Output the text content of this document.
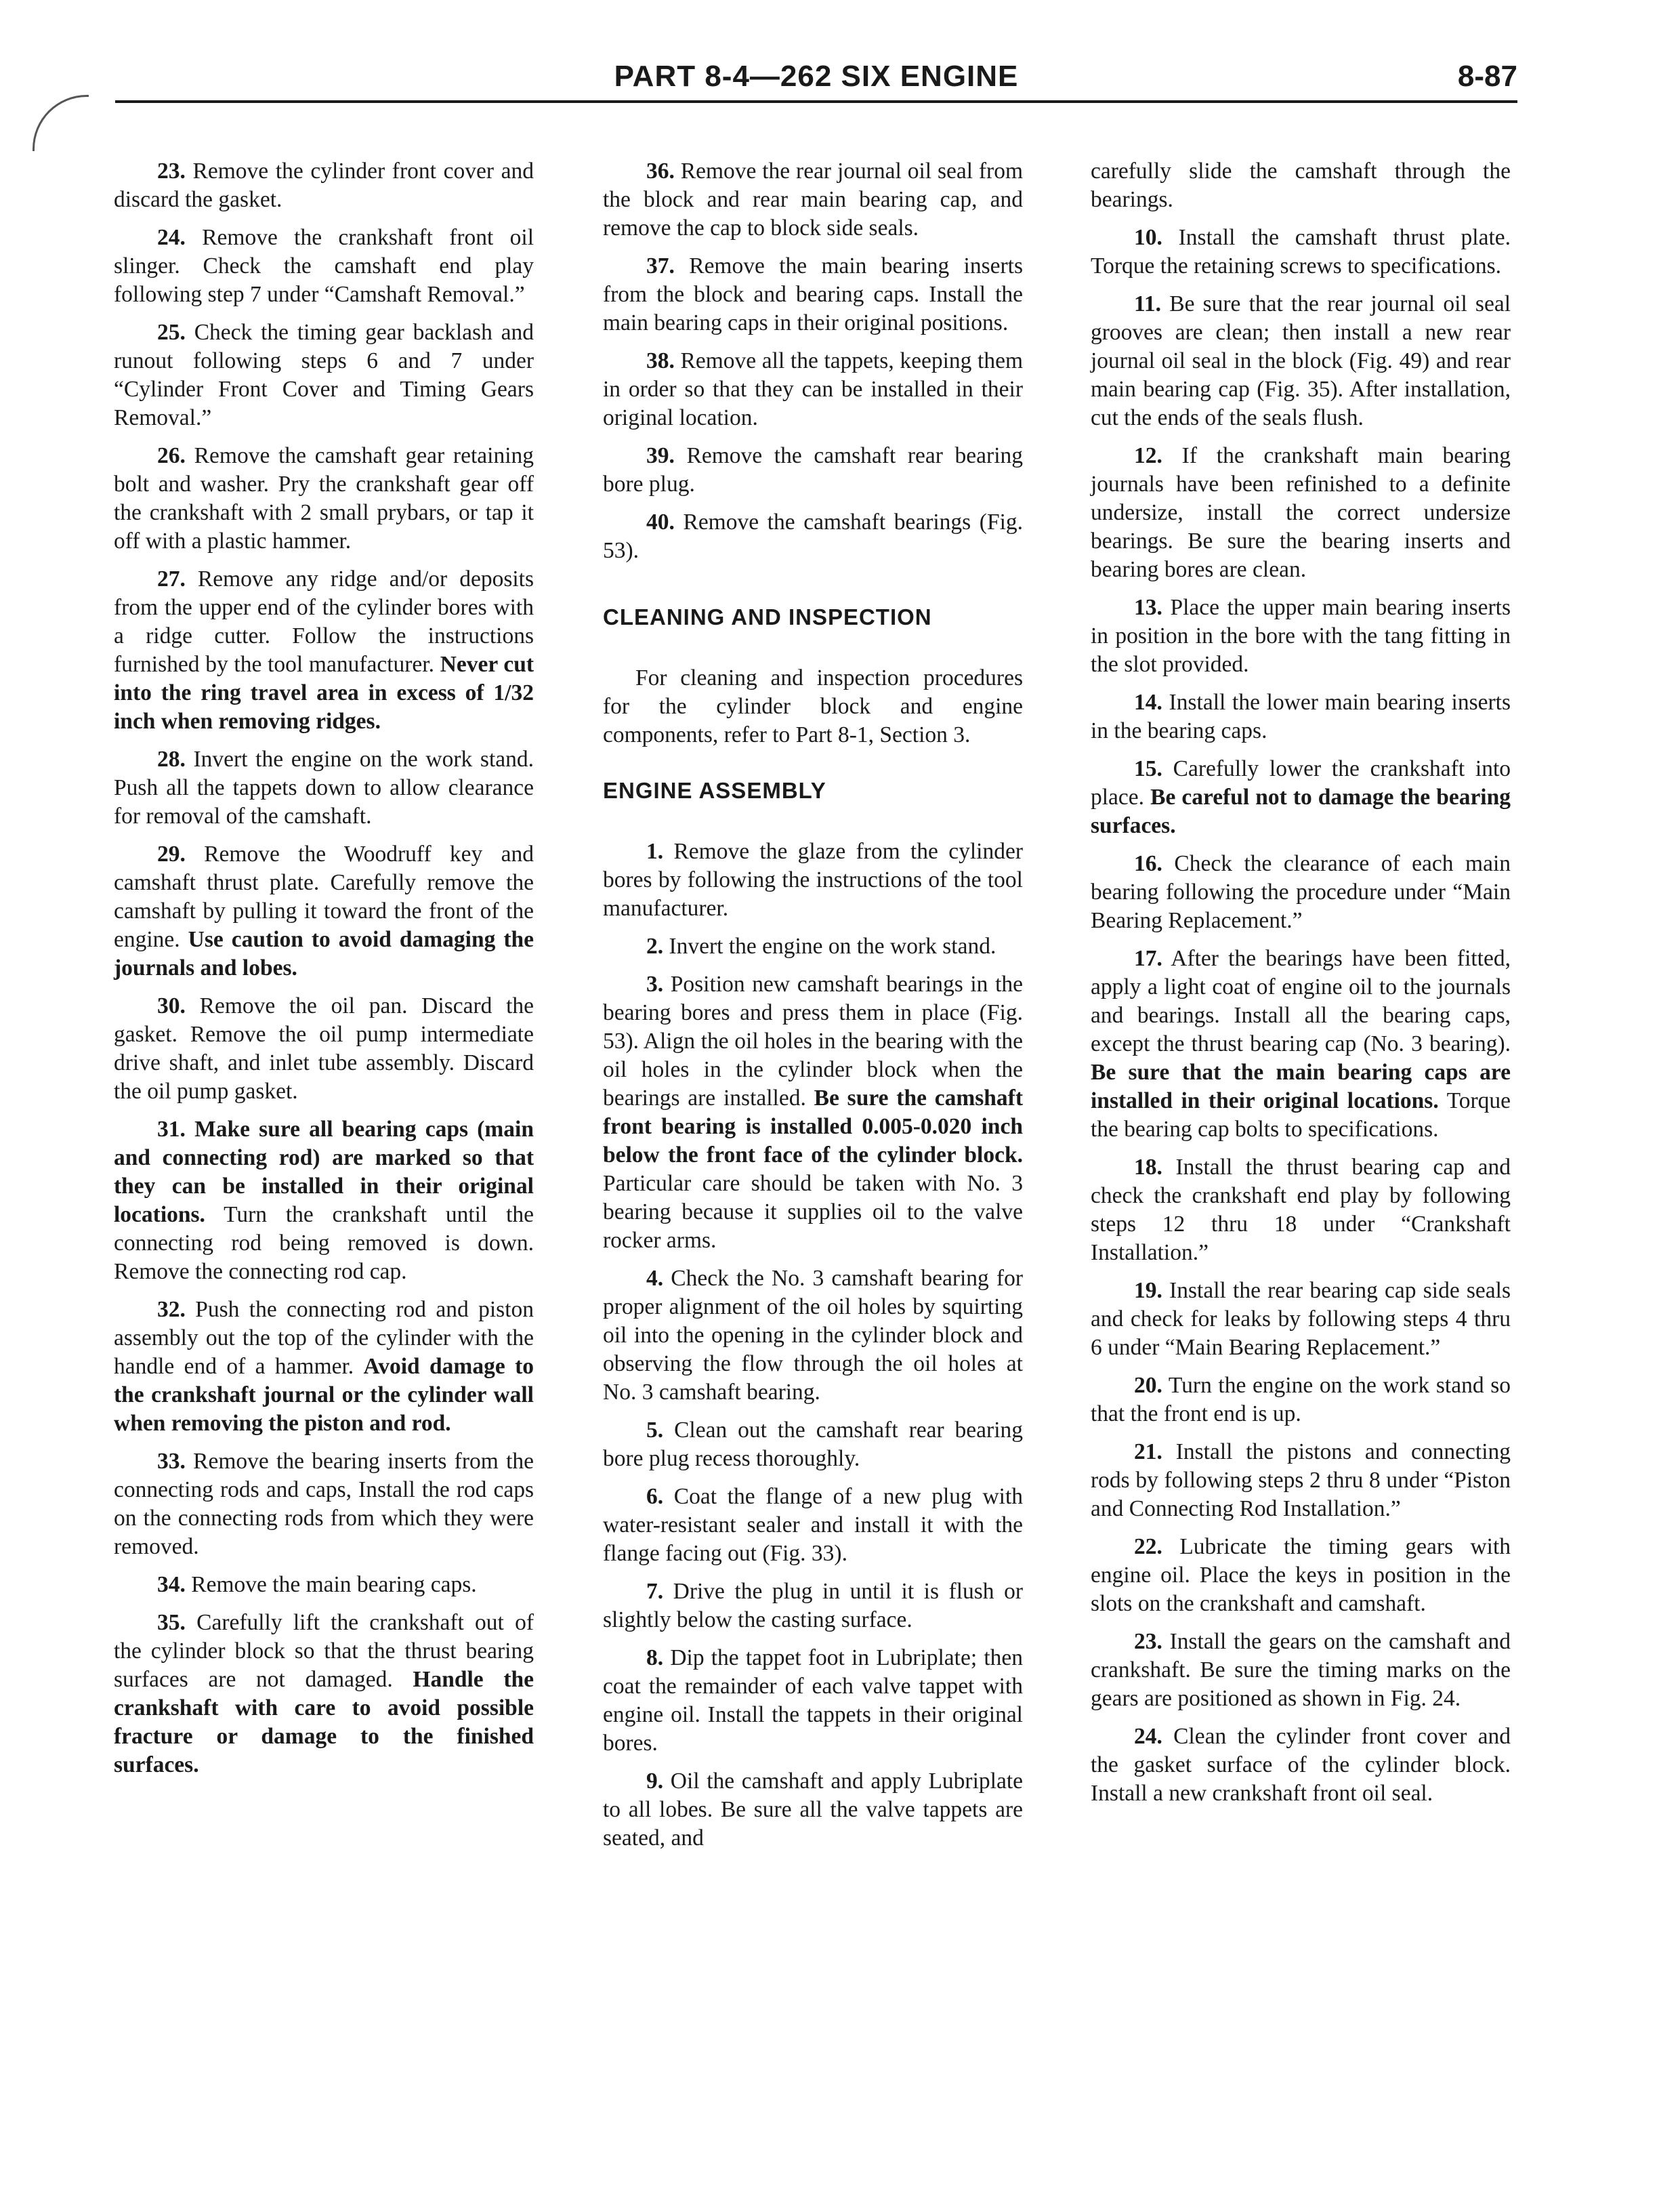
PART 8-4—262 SIX ENGINE	8-87

23. Remove the cylinder front cover and discard the gasket.

24. Remove the crankshaft front oil slinger. Check the camshaft end play following step 7 under “Camshaft Removal.”

25. Check the timing gear backlash and runout following steps 6 and 7 under “Cylinder Front Cover and Timing Gears Removal.”

26. Remove the camshaft gear retaining bolt and washer. Pry the crankshaft gear off the crankshaft with 2 small prybars, or tap it off with a plastic hammer.

27. Remove any ridge and/or deposits from the upper end of the cylinder bores with a ridge cutter. Follow the instructions furnished by the tool manufacturer. Never cut into the ring travel area in excess of 1/32 inch when removing ridges.

28. Invert the engine on the work stand. Push all the tappets down to allow clearance for removal of the camshaft.

29. Remove the Woodruff key and camshaft thrust plate. Carefully remove the camshaft by pulling it toward the front of the engine. Use caution to avoid damaging the journals and lobes.

30. Remove the oil pan. Discard the gasket. Remove the oil pump intermediate drive shaft, and inlet tube assembly. Discard the oil pump gasket.

31. Make sure all bearing caps (main and connecting rod) are marked so that they can be installed in their original locations. Turn the crankshaft until the connecting rod being removed is down. Remove the connecting rod cap.

32. Push the connecting rod and piston assembly out the top of the cylinder with the handle end of a hammer. Avoid damage to the crankshaft journal or the cylinder wall when removing the piston and rod.

33. Remove the bearing inserts from the connecting rods and caps, Install the rod caps on the connecting rods from which they were removed.

34. Remove the main bearing caps.

35. Carefully lift the crankshaft out of the cylinder block so that the thrust bearing surfaces are not damaged. Handle the crankshaft with care to avoid possible fracture or damage to the finished surfaces.

36. Remove the rear journal oil seal from the block and rear main bearing cap, and remove the cap to block side seals.

37. Remove the main bearing inserts from the block and bearing caps. Install the main bearing caps in their original positions.

38. Remove all the tappets, keeping them in order so that they can be installed in their original location.

39. Remove the camshaft rear bearing bore plug.

40. Remove the camshaft bearings (Fig. 53).

CLEANING AND INSPECTION

For cleaning and inspection procedures for the cylinder block and engine components, refer to Part 8-1, Section 3.

ENGINE ASSEMBLY

1. Remove the glaze from the cylinder bores by following the instructions of the tool manufacturer.

2. Invert the engine on the work stand.

3. Position new camshaft bearings in the bearing bores and press them in place (Fig. 53). Align the oil holes in the bearing with the oil holes in the cylinder block when the bearings are installed. Be sure the camshaft front bearing is installed 0.005-0.020 inch below the front face of the cylinder block. Particular care should be taken with No. 3 bearing because it supplies oil to the valve rocker arms.

4. Check the No. 3 camshaft bearing for proper alignment of the oil holes by squirting oil into the opening in the cylinder block and observing the flow through the oil holes at No. 3 camshaft bearing.

5. Clean out the camshaft rear bearing bore plug recess thoroughly.

6. Coat the flange of a new plug with water-resistant sealer and install it with the flange facing out (Fig. 33).

7. Drive the plug in until it is flush or slightly below the casting surface.

8. Dip the tappet foot in Lubriplate; then coat the remainder of each valve tappet with engine oil. Install the tappets in their original bores.

9. Oil the camshaft and apply Lubriplate to all lobes. Be sure all the valve tappets are seated, and

carefully slide the camshaft through the bearings.

10. Install the camshaft thrust plate. Torque the retaining screws to specifications.

11. Be sure that the rear journal oil seal grooves are clean; then install a new rear journal oil seal in the block (Fig. 49) and rear main bearing cap (Fig. 35). After installation, cut the ends of the seals flush.

12. If the crankshaft main bearing journals have been refinished to a definite undersize, install the correct undersize bearings. Be sure the bearing inserts and bearing bores are clean.

13. Place the upper main bearing inserts in position in the bore with the tang fitting in the slot provided.

14. Install the lower main bearing inserts in the bearing caps.

15. Carefully lower the crankshaft into place. Be careful not to damage the bearing surfaces.

16. Check the clearance of each main bearing following the procedure under “Main Bearing Replacement.”

17. After the bearings have been fitted, apply a light coat of engine oil to the journals and bearings. Install all the bearing caps, except the thrust bearing cap (No. 3 bearing). Be sure that the main bearing caps are installed in their original locations. Torque the bearing cap bolts to specifications.

18. Install the thrust bearing cap and check the crankshaft end play by following steps 12 thru 18 under “Crankshaft Installation.”

19. Install the rear bearing cap side seals and check for leaks by following steps 4 thru 6 under “Main Bearing Replacement.”

20. Turn the engine on the work stand so that the front end is up.

21. Install the pistons and connecting rods by following steps 2 thru 8 under “Piston and Connecting Rod Installation.”

22. Lubricate the timing gears with engine oil. Place the keys in position in the slots on the crankshaft and camshaft.

23. Install the gears on the camshaft and crankshaft. Be sure the timing marks on the gears are positioned as shown in Fig. 24.

24. Clean the cylinder front cover and the gasket surface of the cylinder block. Install a new crankshaft front oil seal.
